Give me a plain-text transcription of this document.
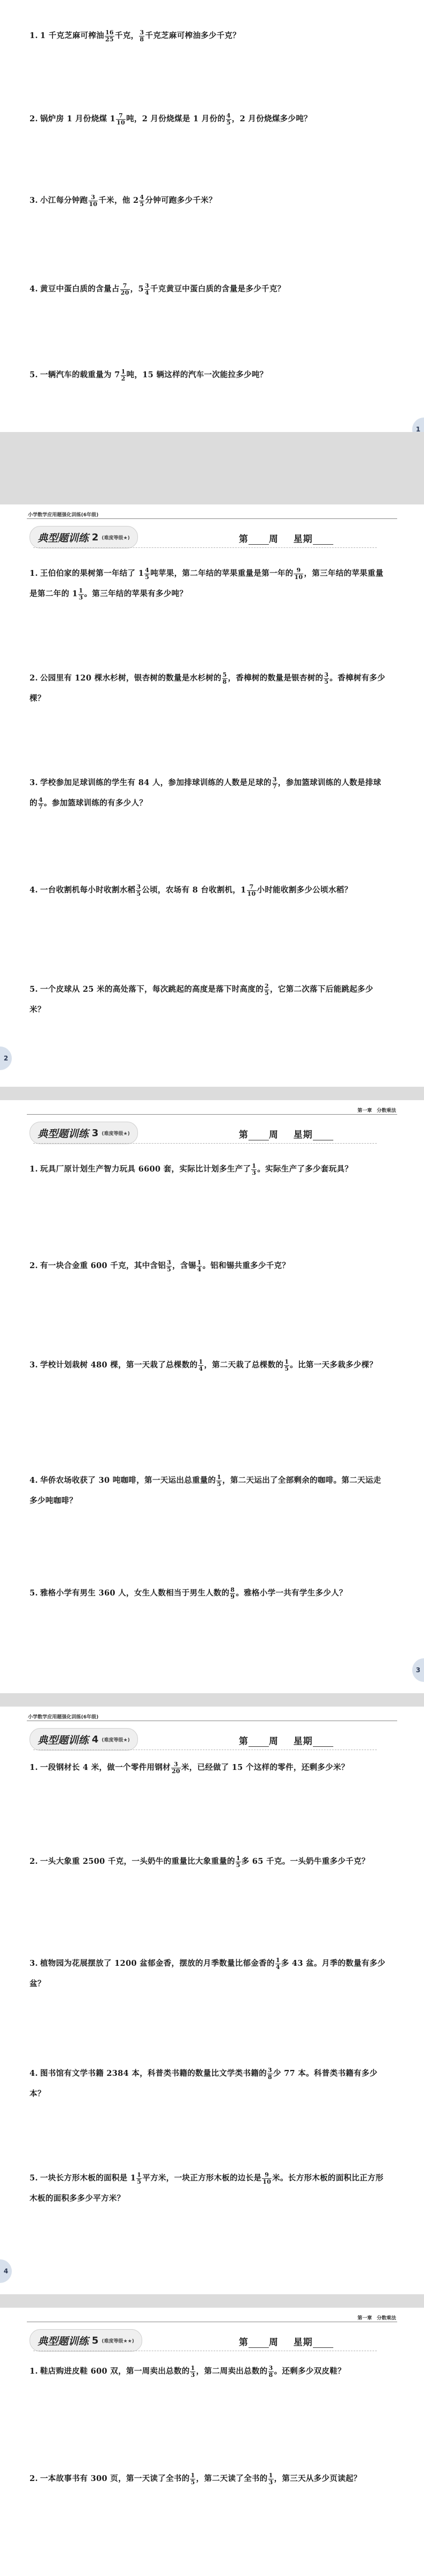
1. 1 千克芝麻可榨油 $\frac{16}{25}$ 千克， $\frac{3}{8}$ 千克芝麻可榨油多少千克？
2. 锅炉房 1 月份烧煤 $1 \frac{7}{10}$ 吨，2 月份烧煤是 1 月份的 $\frac{4}{5}$ ，2 月份烧煤多少吨？
3. 小江每分钟跑 $\frac{3}{10}$ 千米，他 $2 \frac{4}{5}$ 分钟可跑多少千米？
4. 黄豆中蛋白质的含量占 $\frac{7}{20}$ ，$5 \frac{3}{4}$ 千克黄豆中蛋白质的含量是多少千克？
5. 一辆汽车的载重量为 $7 \frac{1}{2}$ 吨，15 辆这样的汽车一次能拉多少吨？
1
小学数学应用题强化训练(6年级)
典型题训练 2 (难度等级★)	第 周 星期
1. 王伯伯家的果树第一年结了 $1 \frac{4}{5}$ 吨苹果，第二年结的苹果重量是第一年的 $\frac{9}{10}$ ，第三年结的苹果重量是第二年的 $1 \frac{1}{3}$ 。第三年结的苹果有多少吨？
2. 公园里有 120 棵水杉树，银杏树的数量是水杉树的 $\frac{5}{8}$ ，香樟树的数量是银杏树的 $\frac{3}{5}$ 。香樟树有多少棵？
3. 学校参加足球训练的学生有 84 人，参加排球训练的人数是足球的 $\frac{3}{7}$ ，参加篮球训练的人数是排球的 $\frac{4}{7}$ 。参加篮球训练的有多少人？
4. 一台收割机每小时收割水稻 $\frac{3}{5}$ 公顷，农场有 8 台收割机，$1 \frac{7}{10}$ 小时能收割多少公顷水稻？
5. 一个皮球从 25 米的高处落下，每次跳起的高度是落下时高度的 $\frac{2}{5}$ ，它第二次落下后能跳起多少米？
2
第一章　分数乘法
典型题训练 3 (难度等级★)	第 周 星期
1. 玩具厂原计划生产智力玩具 6600 套，实际比计划多生产了 $\frac{1}{3}$ 。实际生产了多少套玩具？
2. 有一块合金重 600 千克，其中含铝 $\frac{3}{5}$ ，含锡 $\frac{1}{4}$ 。铝和锡共重多少千克？
3. 学校计划栽树 480 棵，第一天栽了总棵数的 $\frac{1}{4}$ ，第二天栽了总棵数的 $\frac{1}{5}$ 。比第一天多栽多少棵？
4. 华侨农场收获了 30 吨咖啡，第一天运出总重量的 $\frac{1}{5}$ ，第二天运出了全部剩余的咖啡。第二天运走多少吨咖啡？
5. 雅格小学有男生 360 人，女生人数相当于男生人数的 $\frac{8}{9}$ 。雅格小学一共有学生多少人？
3
小学数学应用题强化训练(6年级)
典型题训练 4 (难度等级★)	第 周 星期
1. 一段钢材长 4 米，做一个零件用钢材 $\frac{3}{20}$ 米，已经做了 15 个这样的零件，还剩多少米？
2. 一头大象重 2500 千克，一头奶牛的重量比大象重量的 $\frac{1}{5}$ 多 65 千克。一头奶牛重多少千克？
3. 植物园为花展摆放了 1200 盆郁金香，摆放的月季数量比郁金香的 $\frac{1}{4}$ 多 43 盆。月季的数量有多少盆？
4. 图书馆有文学书籍 2384 本，科普类书籍的数量比文学类书籍的 $\frac{3}{8}$ 少 77 本。科普类书籍有多少本？
5. 一块长方形木板的面积是 $1 \frac{1}{5}$ 平方米，一块正方形木板的边长是 $\frac{9}{10}$ 米。长方形木板的面积比正方形木板的面积多多少平方米？
4
第一章　分数乘法
典型题训练 5 (难度等级★★)	第 周 星期
1. 鞋店购进皮鞋 600 双，第一周卖出总数的 $\frac{1}{3}$ ，第二周卖出总数的 $\frac{3}{8}$ 。还剩多少双皮鞋？
2. 一本故事书有 300 页，第一天读了全书的 $\frac{1}{5}$ ，第二天读了全书的 $\frac{1}{3}$ ，第三天从多少页读起？
